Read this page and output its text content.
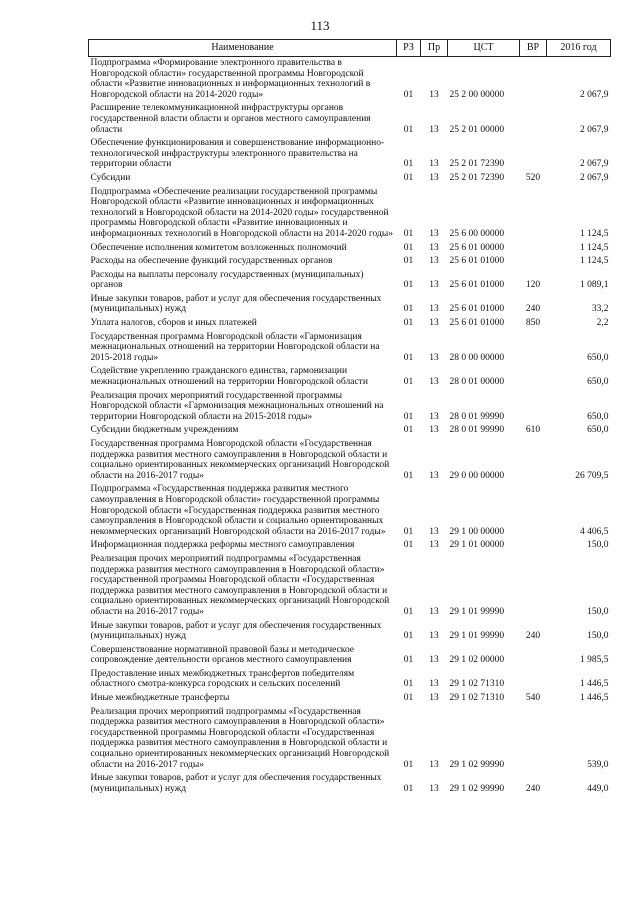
113
Наименование	РЗ	Пр	ЦСТ	ВР	2016 год
Подпрограмма «Формирование электронного правительства в Новгородской области» государственной программы Новгородской области «Развитие инновационных и информационных технологий в Новгородской области на 2014-2020 годы»	01	13	25 2 00 00000		2 067,9
Расширение телекоммуникационной инфраструктуры органов государственной власти области и органов местного самоуправления области	01	13	25 2 01 00000		2 067,9
Обеспечение функционирования и совершенствование информационно-технологической инфраструктуры электронного правительства на территории области	01	13	25 2 01 72390		2 067,9
Субсидии	01	13	25 2 01 72390	520	2 067,9
Подпрограмма «Обеспечение реализации государственной программы Новгородской области «Развитие инновационных и информационных технологий в Новгородской области на 2014-2020 годы» государственной программы Новгородской области «Развитие инновационных и информационных технологий в Новгородской области на 2014-2020 годы»	01	13	25 6 00 00000		1 124,5
Обеспечение исполнения комитетом возложенных полномочий	01	13	25 6 01 00000		1 124,5
Расходы на обеспечение функций государственных органов	01	13	25 6 01 01000		1 124,5
Расходы на выплаты персоналу государственных (муниципальных) органов	01	13	25 6 01 01000	120	1 089,1
Иные закупки товаров, работ и услуг для обеспечения государственных (муниципальных) нужд	01	13	25 6 01 01000	240	33,2
Уплата налогов, сборов и иных платежей	01	13	25 6 01 01000	850	2,2
Государственная программа Новгородской области «Гармонизация межнациональных отношений на территории Новгородской области на 2015-2018 годы»	01	13	28 0 00 00000		650,0
Содействие укреплению гражданского единства, гармонизации межнациональных отношений на территории Новгородской области	01	13	28 0 01 00000		650,0
Реализация прочих мероприятий государственной программы Новгородской области «Гармонизация межнациональных отношений на территории Новгородской области на 2015-2018 годы»	01	13	28 0 01 99990		650,0
Субсидии бюджетным учреждениям	01	13	28 0 01 99990	610	650,0
Государственная программа Новгородской области «Государственная поддержка развития местного самоуправления в Новгородской области и социально ориентированных некоммерческих организаций Новгородской области на 2016-2017 годы»	01	13	29 0 00 00000		26 709,5
Подпрограмма «Государственная поддержка развития местного самоуправления в Новгородской области» государственной программы Новгородской области «Государственная поддержка развития местного самоуправления в Новгородской области и социально ориентированных некоммерческих организаций Новгородской области на 2016-2017 годы»	01	13	29 1 00 00000		4 406,5
Информационная поддержка реформы местного самоуправления	01	13	29 1 01 00000		150,0
Реализация прочих мероприятий подпрограммы «Государственная поддержка развития местного самоуправления в Новгородской области» государственной программы Новгородской области «Государственная поддержка развития местного самоуправления в Новгородской области и социально ориентированных некоммерческих организаций Новгородской области на 2016-2017 годы»	01	13	29 1 01 99990		150,0
Иные закупки товаров, работ и услуг для обеспечения государственных (муниципальных) нужд	01	13	29 1 01 99990	240	150,0
Совершенствование нормативной правовой базы и методическое сопровождение деятельности органов местного самоуправления	01	13	29 1 02 00000		1 985,5
Предоставление иных межбюджетных трансфертов победителям областного смотра-конкурса городских и сельских поселений	01	13	29 1 02 71310		1 446,5
Иные межбюджетные трансферты	01	13	29 1 02 71310	540	1 446,5
Реализация прочих мероприятий подпрограммы «Государственная поддержка развития местного самоуправления в Новгородской области» государственной программы Новгородской области «Государственная поддержка развития местного самоуправления в Новгородской области и социально ориентированных некоммерческих организаций Новгородской области на 2016-2017 годы»	01	13	29 1 02 99990		539,0
Иные закупки товаров, работ и услуг для обеспечения государственных (муниципальных) нужд	01	13	29 1 02 99990	240	449,0
